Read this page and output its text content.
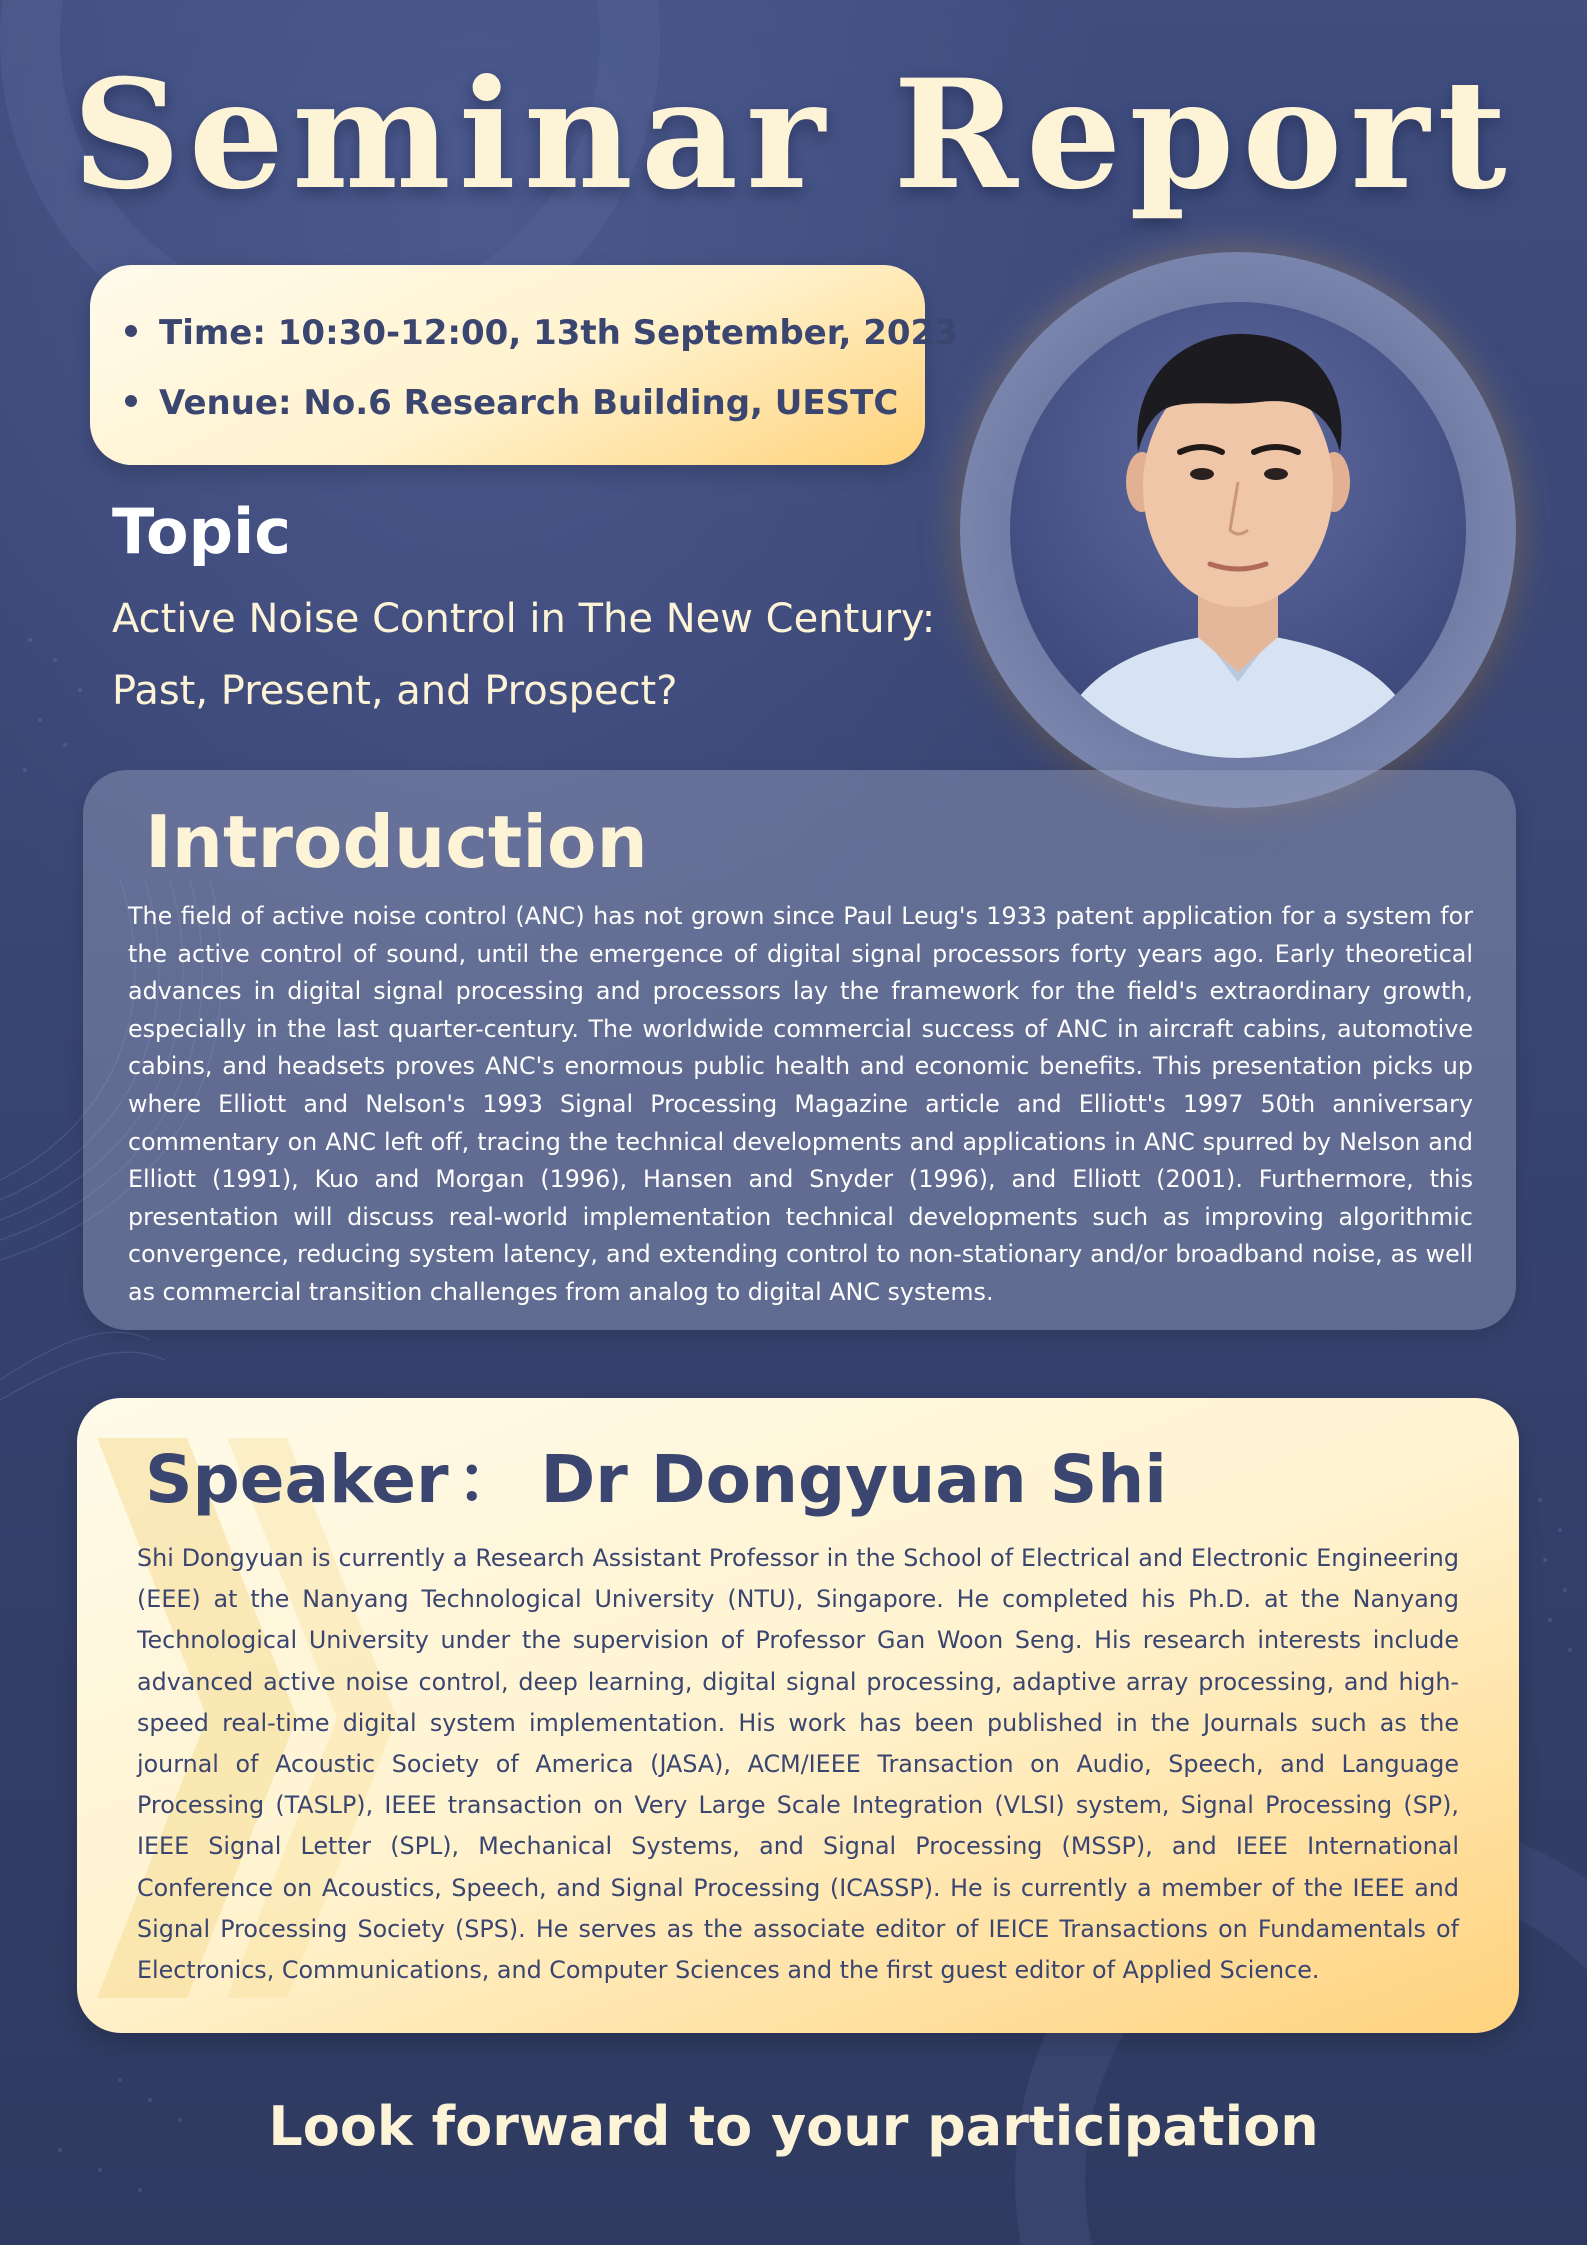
Seminar Report
Time: 10:30-12:00, 13th September, 2023
Venue: No.6 Research Building, UESTC
Topic
Active Noise Control in The New Century:
Past, Present, and Prospect?
Introduction
The field of active noise control (ANC) has not grown since Paul Leug's 1933 patent application for a system for the active control of sound, until the emergence of digital signal processors forty years ago. Early theoretical advances in digital signal processing and processors lay the framework for the field's extraordinary growth, especially in the last quarter-century. The worldwide commercial success of ANC in aircraft cabins, automotive cabins, and headsets proves ANC's enormous public health and economic benefits. This presentation picks up where Elliott and Nelson's 1993 Signal Processing Magazine article and Elliott's 1997 50th anniversary commentary on ANC left off, tracing the technical developments and applications in ANC spurred by Nelson and Elliott (1991), Kuo and Morgan (1996), Hansen and Snyder (1996), and Elliott (2001). Furthermore, this presentation will discuss real-world implementation technical developments such as improving algorithmic convergence, reducing system latency, and extending control to non-stationary and/or broadband noise, as well as commercial transition challenges from analog to digital ANC systems.
Speaker ： Dr Dongyuan Shi
Shi Dongyuan is currently a Research Assistant Professor in the School of Electrical and Electronic Engineering (EEE) at the Nanyang Technological University (NTU), Singapore. He completed his Ph.D. at the Nanyang Technological University under the supervision of Professor Gan Woon Seng. His research interests include advanced active noise control, deep learning, digital signal processing, adaptive array processing, and high-speed real-time digital system implementation. His work has been published in the Journals such as the journal of Acoustic Society of America (JASA), ACM/IEEE Transaction on Audio, Speech, and Language Processing (TASLP), IEEE transaction on Very Large Scale Integration (VLSI) system, Signal Processing (SP), IEEE Signal Letter (SPL), Mechanical Systems, and Signal Processing (MSSP), and IEEE International Conference on Acoustics, Speech, and Signal Processing (ICASSP). He is currently a member of the IEEE and Signal Processing Society (SPS). He serves as the associate editor of IEICE Transactions on Fundamentals of Electronics, Communications, and Computer Sciences and the first guest editor of Applied Science.
Look forward to your participation
